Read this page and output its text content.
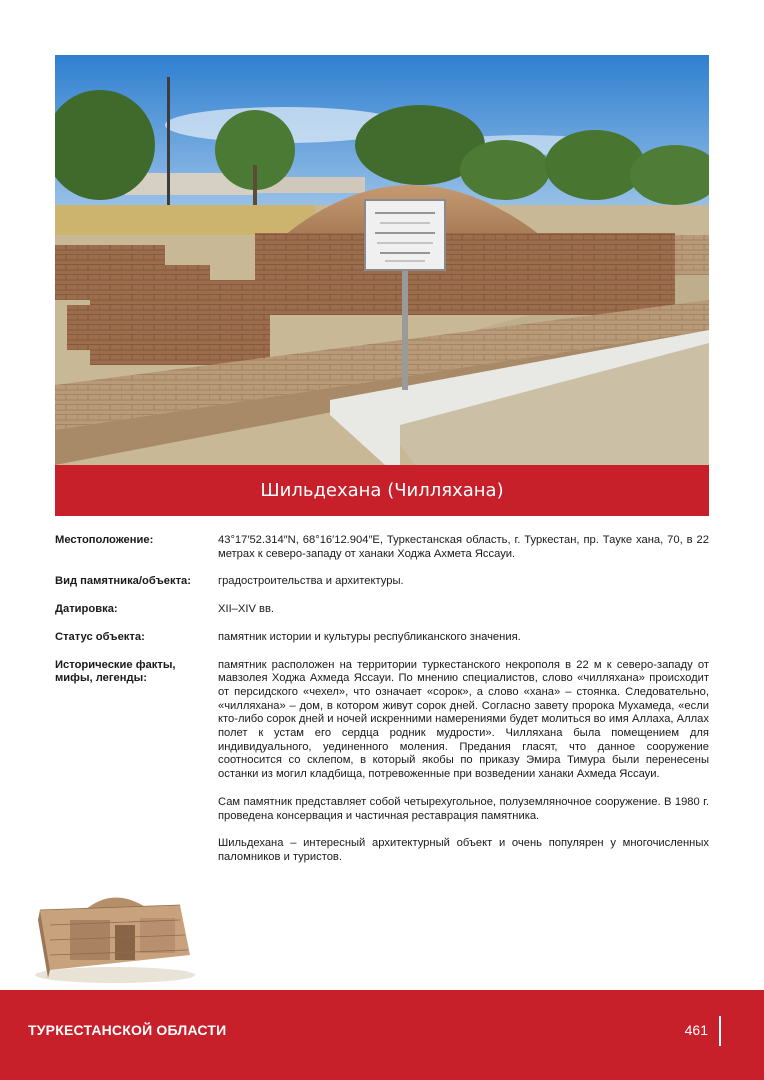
Шильдехана (Чилляхана)
Местоположение:	43°17′52.314″N, 68°16′12.904″E, Туркестанская область, г. Туркестан, пр. Тауке хана, 70, в 22 метрах к северо-западу от ханаки Ходжа Ахмета Яссауи.
Вид памятника/объекта:	градостроительства и архитектуры.
Датировка:	XII–XIV вв.
Статус объекта:	памятник истории и культуры республиканского значения.
Исторические факты, мифы, легенды:

памятник расположен на территории туркестанского некрополя в 22 м к северо-западу от мавзолея Ходжа Ахмеда Яссауи. По мнению специалистов, слово «чилляхана» происходит от персидского «чехел», что означает «сорок», а слово «хана» – стоянка. Следовательно, «чилляхана» – дом, в котором живут сорок дней. Согласно завету пророка Мухамеда, «если кто-либо сорок дней и ночей искренними намерениями будет молиться во имя Аллаха, Аллах полет к устам его сердца родник мудрости». Чилляхана была помещением для индивидуального, уединенного моления. Предания гласят, что данное сооружение соотносится со склепом, в который якобы по приказу Эмира Тимура были перенесены останки из могил кладбища, потревоженные при возведении ханаки Ахмеда Яссауи.

Сам памятник представляет собой четырехугольное, полуземляночное сооружение. В 1980 г. проведена консервация и частичная реставрация памятника.

Шильдехана – интересный архитектурный объект и очень популярен у многочисленных паломников и туристов.

ТУРКЕСТАНСКОЙ ОБЛАСТИ	461
